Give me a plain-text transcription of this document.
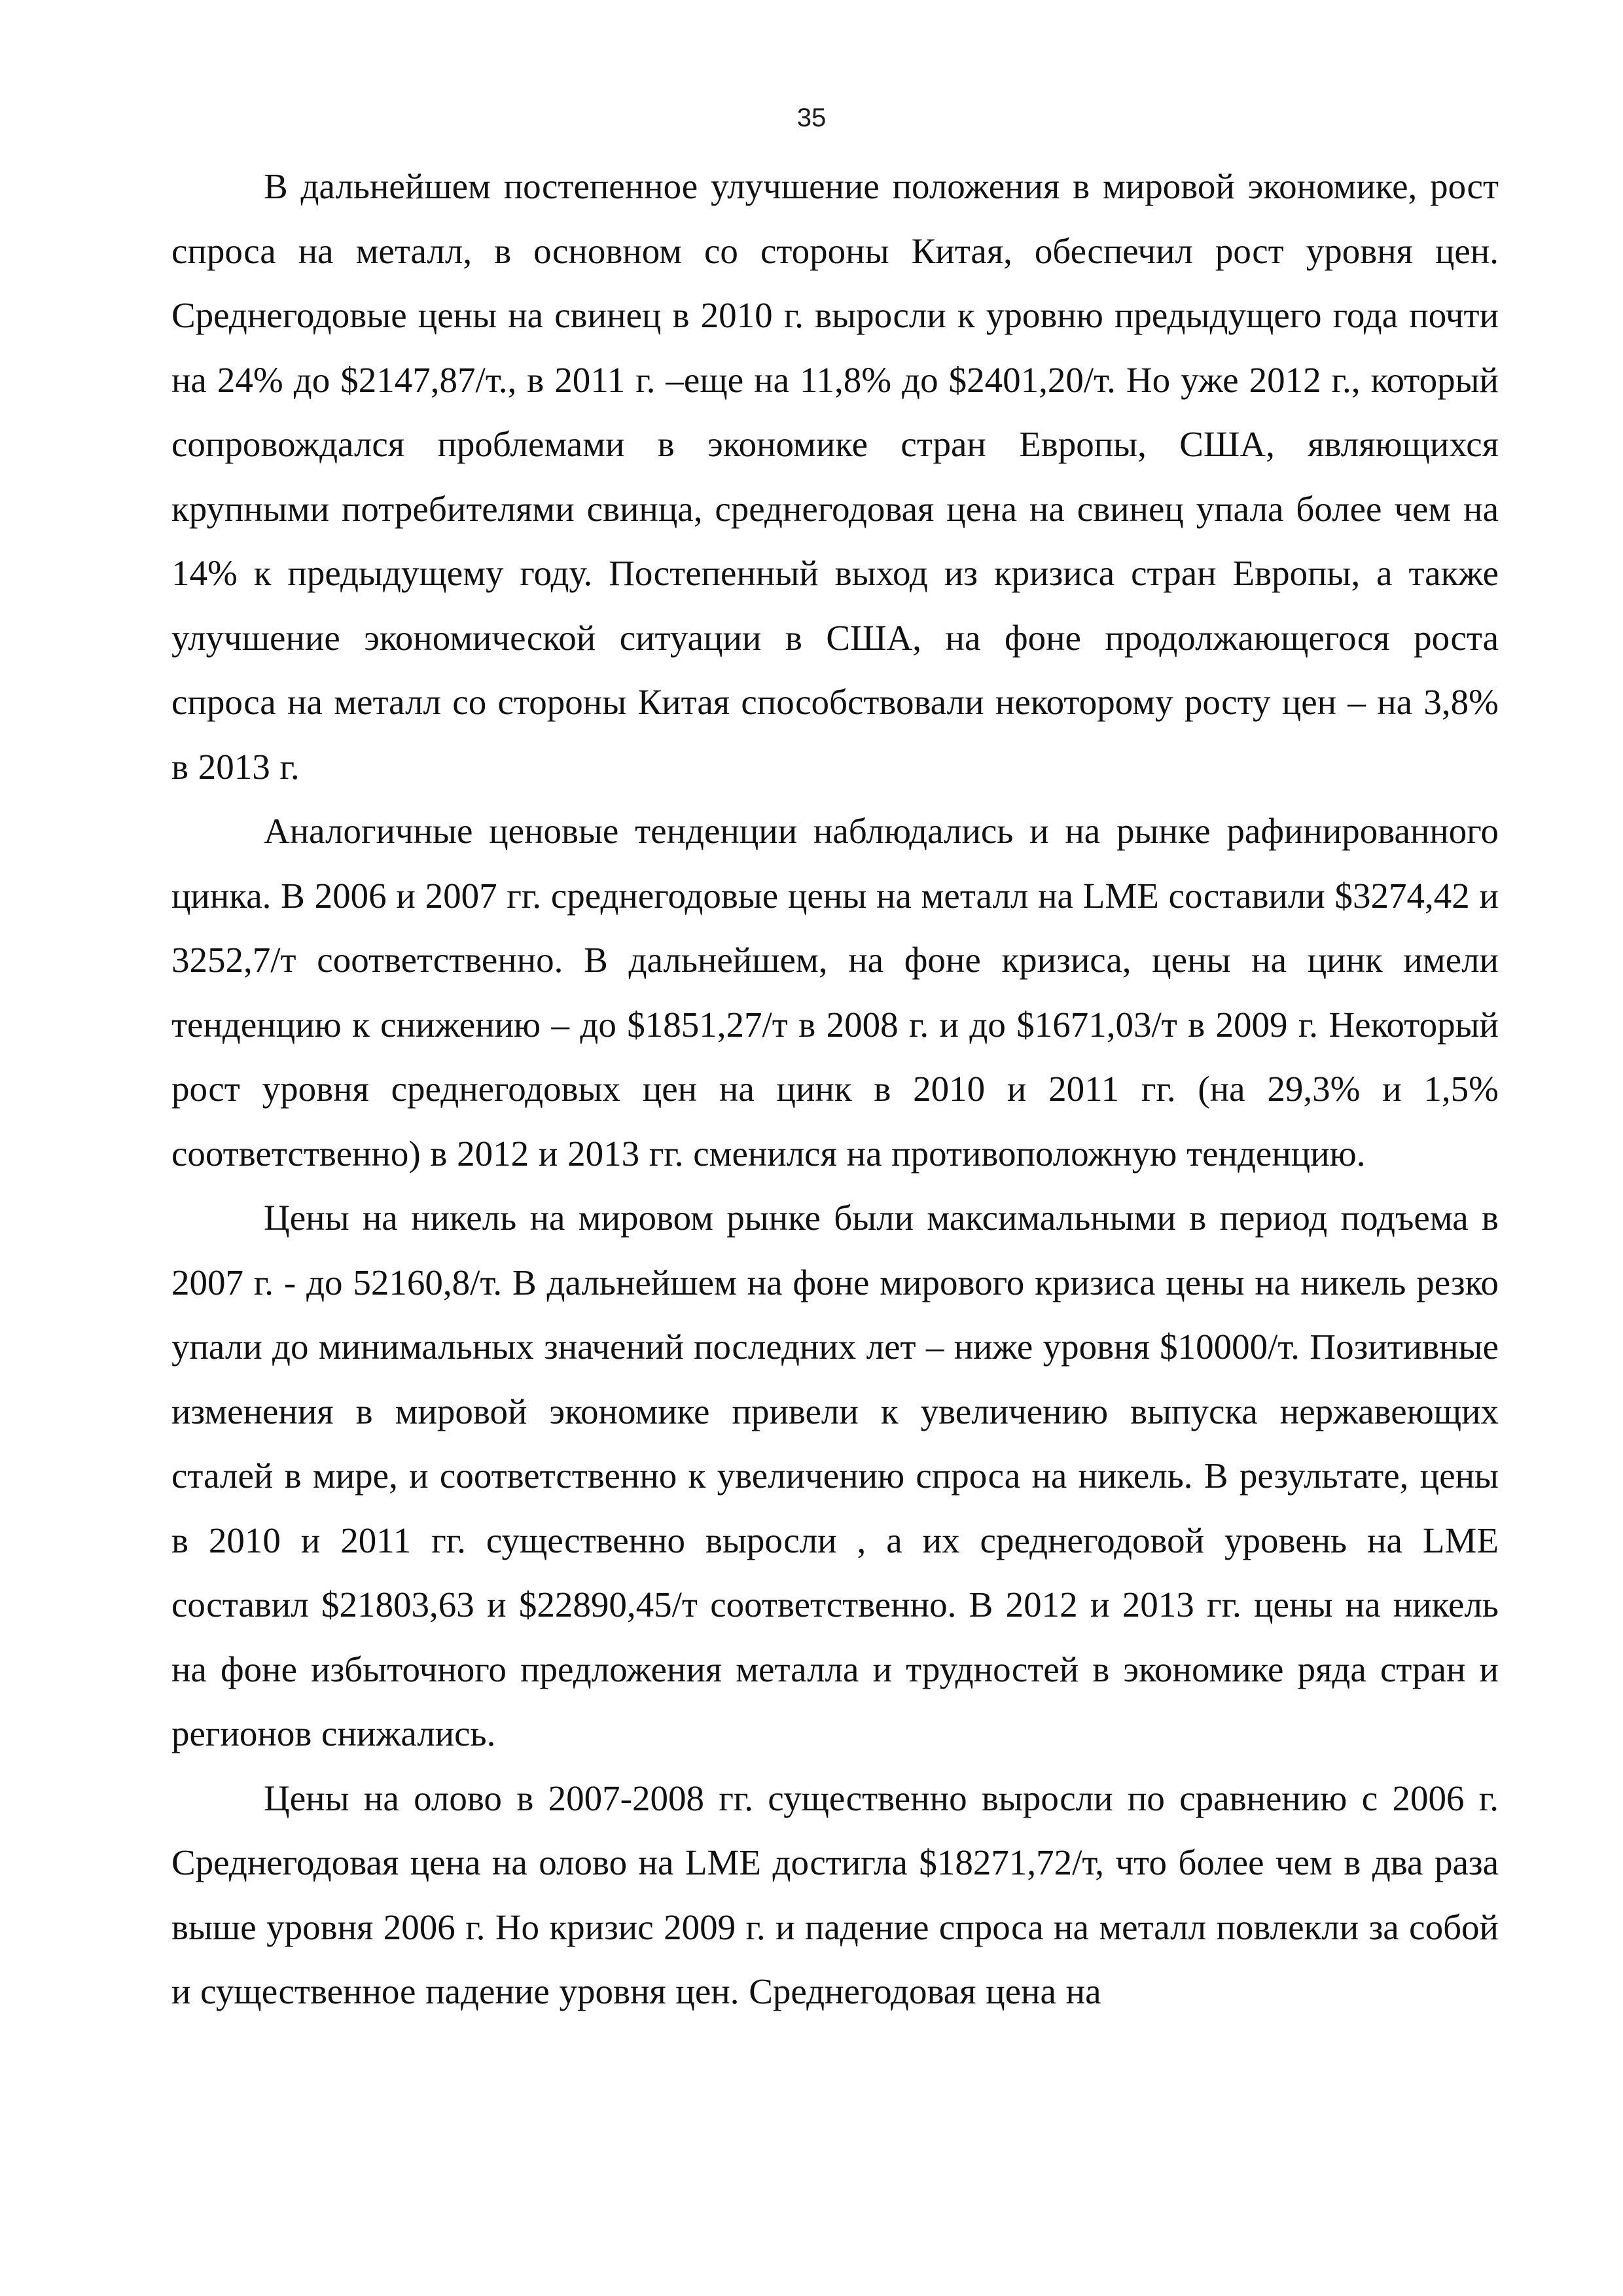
35

В дальнейшем постепенное улучшение положения в мировой экономике, рост спроса на металл, в основном со стороны Китая, обеспечил рост уровня цен. Среднегодовые цены на свинец в 2010 г. выросли к уровню предыдущего года почти на 24% до $2147,87/т., в 2011 г. –еще на 11,8% до $2401,20/т. Но уже 2012 г., который сопровождался проблемами в экономике стран Европы, США, являющихся крупными потребителями свинца, среднегодовая цена на свинец упала более чем на 14% к предыдущему году. Постепенный выход из кризиса стран Европы, а также улучшение экономической ситуации в США, на фоне продолжающегося роста спроса на металл со стороны Китая способствовали некоторому росту цен – на 3,8% в 2013 г.

Аналогичные ценовые тенденции наблюдались и на рынке рафинированного цинка. В 2006 и 2007 гг. среднегодовые цены на металл на LME составили $3274,42 и 3252,7/т соответственно. В дальнейшем, на фоне кризиса, цены на цинк имели тенденцию к снижению – до $1851,27/т в 2008 г. и до $1671,03/т в 2009 г. Некоторый рост уровня среднегодовых цен на цинк в 2010 и 2011 гг. (на 29,3% и 1,5% соответственно) в 2012 и 2013 гг. сменился на противоположную тенденцию.

Цены на никель на мировом рынке были максимальными в период подъема в 2007 г. - до 52160,8/т. В дальнейшем на фоне мирового кризиса цены на никель резко упали до минимальных значений последних лет – ниже уровня $10000/т. Позитивные изменения в мировой экономике привели к увеличению выпуска нержавеющих сталей в мире, и соответственно к увеличению спроса на никель. В результате, цены в 2010 и 2011 гг. существенно выросли , а их среднегодовой уровень на LME составил $21803,63 и $22890,45/т соответственно. В 2012 и 2013 гг. цены на никель на фоне избыточного предложения металла и трудностей в экономике ряда стран и регионов снижались.

Цены на олово в 2007-2008 гг. существенно выросли по сравнению с 2006 г. Среднегодовая цена на олово на LME достигла $18271,72/т, что более чем в два раза выше уровня 2006 г. Но кризис 2009 г. и падение спроса на металл повлекли за собой и существенное падение уровня цен. Среднегодовая цена на
